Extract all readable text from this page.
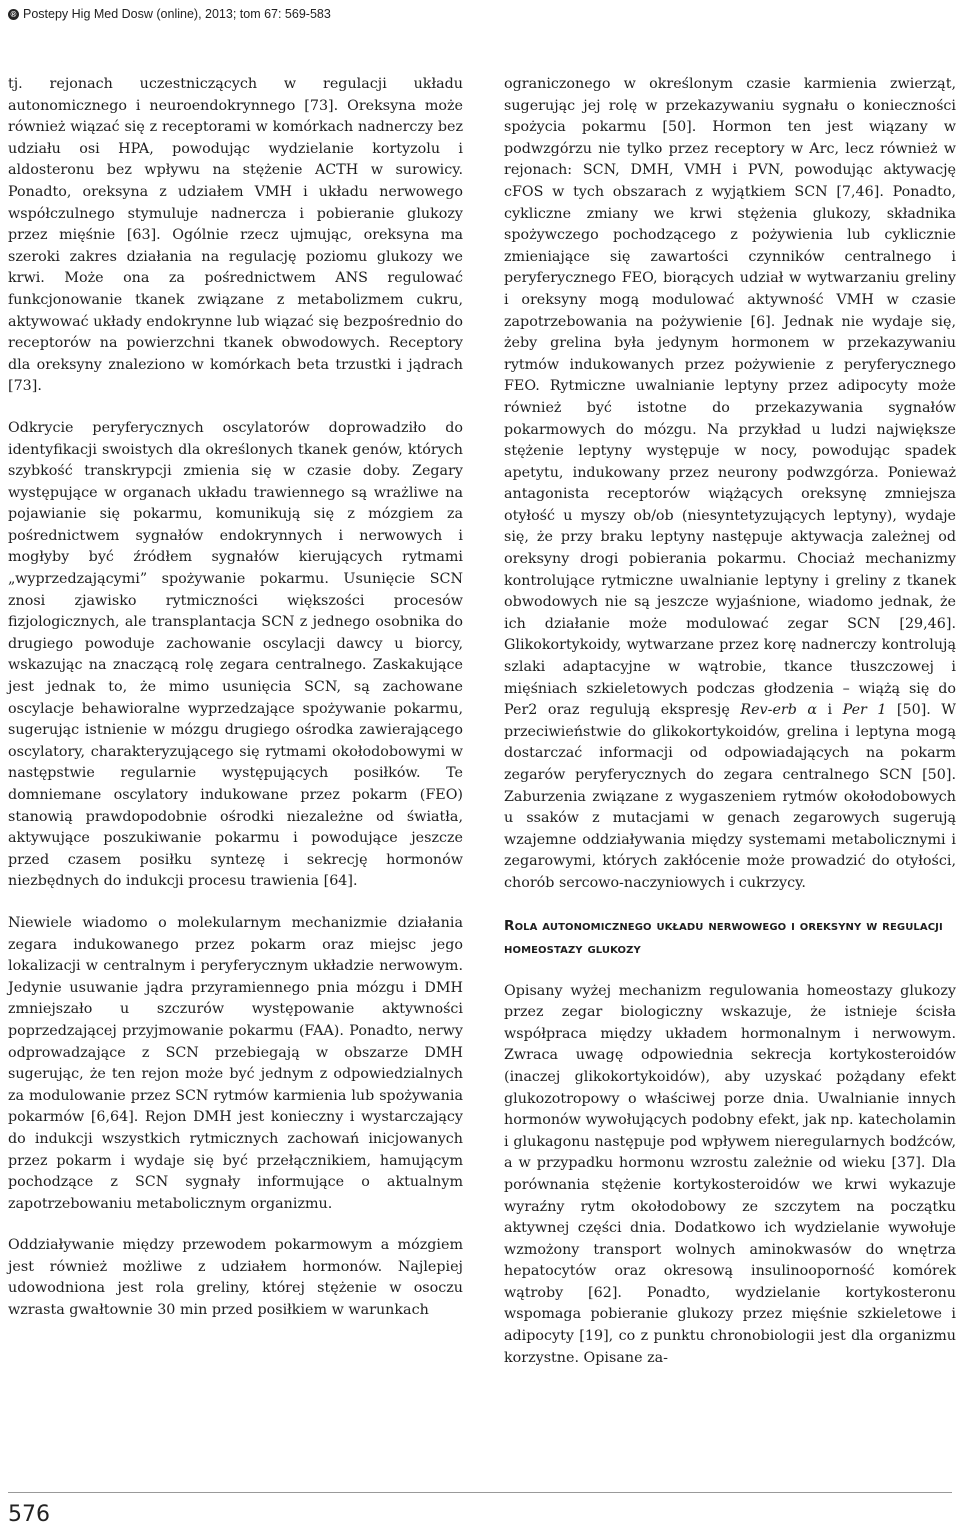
® Postepy Hig Med Dosw (online), 2013; tom 67: 569-583

tj. rejonach uczestniczących w regulacji układu autonomicznego i neuroendokrynnego [73]. Oreksyna może również wiązać się z receptorami w komórkach nadnerczy bez udziału osi HPA, powodując wydzielanie kortyzolu i aldosteronu bez wpływu na stężenie ACTH w surowicy. Ponadto, oreksyna z udziałem VMH i układu nerwowego współczulnego stymuluje nadnercza i pobieranie glukozy przez mięśnie [63]. Ogólnie rzecz ujmując, oreksyna ma szeroki zakres działania na regulację poziomu glukozy we krwi. Może ona za pośrednictwem ANS regulować funkcjonowanie tkanek związane z metabolizmem cukru, aktywować układy endokrynne lub wiązać się bezpośrednio do receptorów na powierzchni tkanek obwodowych. Receptory dla oreksyny znaleziono w komórkach beta trzustki i jądrach [73].

Odkrycie peryferycznych oscylatorów doprowadziło do identyfikacji swoistych dla określonych tkanek genów, których szybkość transkrypcji zmienia się w czasie doby. Zegary występujące w organach układu trawiennego są wrażliwe na pojawianie się pokarmu, komunikują się z mózgiem za pośrednictwem sygnałów endokrynnych i nerwowych i mogłyby być źródłem sygnałów kierujących rytmami „wyprzedzającymi” spożywanie pokarmu. Usunięcie SCN znosi zjawisko rytmiczności większości procesów fizjologicznych, ale transplantacja SCN z jednego osobnika do drugiego powoduje zachowanie oscylacji dawcy u biorcy, wskazując na znaczącą rolę zegara centralnego. Zaskakujące jest jednak to, że mimo usunięcia SCN, są zachowane oscylacje behawioralne wyprzedzające spożywanie pokarmu, sugerując istnienie w mózgu drugiego ośrodka zawierającego oscylatory, charakteryzującego się rytmami okołodobowymi w następstwie regularnie występujących posiłków. Te domniemane oscylatory indukowane przez pokarm (FEO) stanowią prawdopodobnie ośrodki niezależne od światła, aktywujące poszukiwanie pokarmu i powodujące jeszcze przed czasem posiłku syntezę i sekrecję hormonów niezbędnych do indukcji procesu trawienia [64].

Niewiele wiadomo o molekularnym mechanizmie działania zegara indukowanego przez pokarm oraz miejsc jego lokalizacji w centralnym i peryferycznym układzie nerwowym. Jedynie usuwanie jądra przyramiennego pnia mózgu i DMH zmniejszało u szczurów występowanie aktywności poprzedzającej przyjmowanie pokarmu (FAA). Ponadto, nerwy odprowadzające z SCN przebiegają w obszarze DMH sugerując, że ten rejon może być jednym z odpowiedzialnych za modulowanie przez SCN rytmów karmienia lub spożywania pokarmów [6,64]. Rejon DMH jest konieczny i wystarczający do indukcji wszystkich rytmicznych zachowań inicjowanych przez pokarm i wydaje się być przełącznikiem, hamującym pochodzące z SCN sygnały informujące o aktualnym zapotrzebowaniu metabolicznym organizmu.

Oddziaływanie między przewodem pokarmowym a mózgiem jest również możliwe z udziałem hormonów. Najlepiej udowodniona jest rola greliny, której stężenie w osoczu wzrasta gwałtownie 30 min przed posiłkiem w warunkach

ograniczonego w określonym czasie karmienia zwierząt, sugerując jej rolę w przekazywaniu sygnału o konieczności spożycia pokarmu [50]. Hormon ten jest wiązany w podwzgórzu nie tylko przez receptory w Arc, lecz również w rejonach: SCN, DMH, VMH i PVN, powodując aktywację cFOS w tych obszarach z wyjątkiem SCN [7,46]. Ponadto, cykliczne zmiany we krwi stężenia glukozy, składnika spożywczego pochodzącego z pożywienia lub cyklicznie zmieniające się zawartości czynników centralnego i peryferycznego FEO, biorących udział w wytwarzaniu greliny i oreksyny mogą modulować aktywność VMH w czasie zapotrzebowania na pożywienie [6]. Jednak nie wydaje się, żeby grelina była jedynym hormonem w przekazywaniu rytmów indukowanych przez pożywienie z peryferycznego FEO. Rytmiczne uwalnianie leptyny przez adipocyty może również być istotne do przekazywania sygnałów pokarmowych do mózgu. Na przykład u ludzi największe stężenie leptyny występuje w nocy, powodując spadek apetytu, indukowany przez neurony podwzgórza. Ponieważ antagonista receptorów wiążących oreksynę zmniejsza otyłość u myszy ob/ob (niesyntetyzujących leptyny), wydaje się, że przy braku leptyny następuje aktywacja zależnej od oreksyny drogi pobierania pokarmu. Chociaż mechanizmy kontrolujące rytmiczne uwalnianie leptyny i greliny z tkanek obwodowych nie są jeszcze wyjaśnione, wiadomo jednak, że ich działanie może modulować zegar SCN [29,46]. Glikokortykoidy, wytwarzane przez korę nadnerczy kontrolują szlaki adaptacyjne w wątrobie, tkance tłuszczowej i mięśniach szkieletowych podczas głodzenia – wiążą się do Per2 oraz regulują ekspresję Rev-erb α i Per 1 [50]. W przeciwieństwie do glikokortykoidów, grelina i leptyna mogą dostarczać informacji od odpowiadających na pokarm zegarów peryferycznych do zegara centralnego SCN [50]. Zaburzenia związane z wygaszeniem rytmów okołodobowych u ssaków z mutacjami w genach zegarowych sugerują wzajemne oddziaływania między systemami metabolicznymi i zegarowymi, których zakłócenie może prowadzić do otyłości, chorób sercowo-naczyniowych i cukrzycy.

Rola autonomicznego układu nerwowego i oreksyny w regulacji homeostazy glukozy

Opisany wyżej mechanizm regulowania homeostazy glukozy przez zegar biologiczny wskazuje, że istnieje ścisła współpraca między układem hormonalnym i nerwowym. Zwraca uwagę odpowiednia sekrecja kortykosteroidów (inaczej glikokortykoidów), aby uzyskać pożądany efekt glukozotropowy o właściwej porze dnia. Uwalnianie innych hormonów wywołujących podobny efekt, jak np. katecholamin i glukagonu następuje pod wpływem nieregularnych bodźców, a w przypadku hormonu wzrostu zależnie od wieku [37]. Dla porównania stężenie kortykosteroidów we krwi wykazuje wyraźny rytm okołodobowy ze szczytem na początku aktywnej części dnia. Dodatkowo ich wydzielanie wywołuje wzmożony transport wolnych aminokwasów do wnętrza hepatocytów oraz okresową insulinooporność komórek wątroby [62]. Ponadto, wydzielanie kortykosteronu wspomaga pobieranie glukozy przez mięśnie szkieletowe i adipocyty [19], co z punktu chronobiologii jest dla organizmu korzystne. Opisane za-

576
